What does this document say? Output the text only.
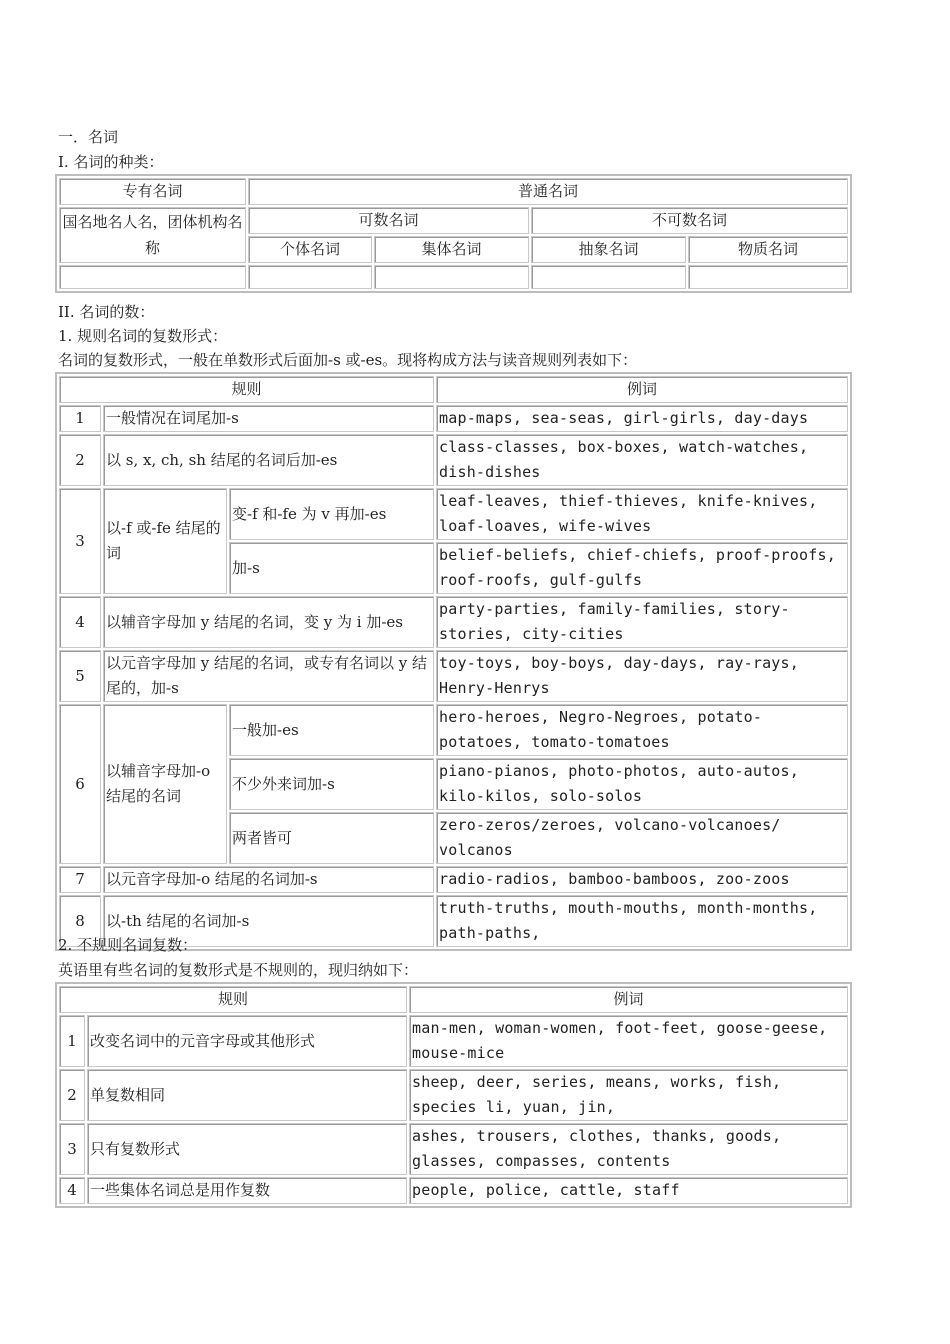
一．名词
I. 名词的种类：
专有名词	普通名词			
国名地名人名，团体机构名称	可数名词		不可数名词	
	个体名词	集体名词	抽象名词	物质名词

II. 名词的数：
1. 规则名词的复数形式：
名词的复数形式，一般在单数形式后面加-s 或-es。现将构成方法与读音规则列表如下：
规则			例词
1	一般情况在词尾加-s		map-maps, sea-seas, girl-girls, day-days
2	以 s, x, ch, sh 结尾的名词后加-es		class-classes, box-boxes, watch-watches, dish-dishes
3	以-f 或-fe 结尾的词	变-f 和-fe 为 v 再加-es	leaf-leaves, thief-thieves, knife-knives, loaf-loaves, wife-wives
		加-s	belief-beliefs, chief-chiefs, proof-proofs, roof-roofs, gulf-gulfs
4	以辅音字母加 y 结尾的名词，变 y 为 i 加-es		party-parties, family-families, story-stories, city-cities
5	以元音字母加 y 结尾的名词，或专有名词以 y 结尾的，加-s		toy-toys, boy-boys, day-days, ray-rays, Henry-Henrys
6	以辅音字母加-o 结尾的名词	一般加-es	hero-heroes, Negro-Negroes, potato-potatoes, tomato-tomatoes
		不少外来词加-s	piano-pianos, photo-photos, auto-autos, kilo-kilos, solo-solos
		两者皆可	zero-zeros/zeroes, volcano-volcanoes/ volcanos
7	以元音字母加-o 结尾的名词加-s		radio-radios, bamboo-bamboos, zoo-zoos
8	以-th 结尾的名词加-s		truth-truths, mouth-mouths, month-months, path-paths,
2. 不规则名词复数：
英语里有些名词的复数形式是不规则的，现归纳如下：
规则		例词
1	改变名词中的元音字母或其他形式	man-men, woman-women, foot-feet, goose-geese, mouse-mice
2	单复数相同	sheep, deer, series, means, works, fish, species li, yuan, jin,
3	只有复数形式	ashes, trousers, clothes, thanks, goods, glasses, compasses, contents
4	一些集体名词总是用作复数	people, police, cattle, staff
